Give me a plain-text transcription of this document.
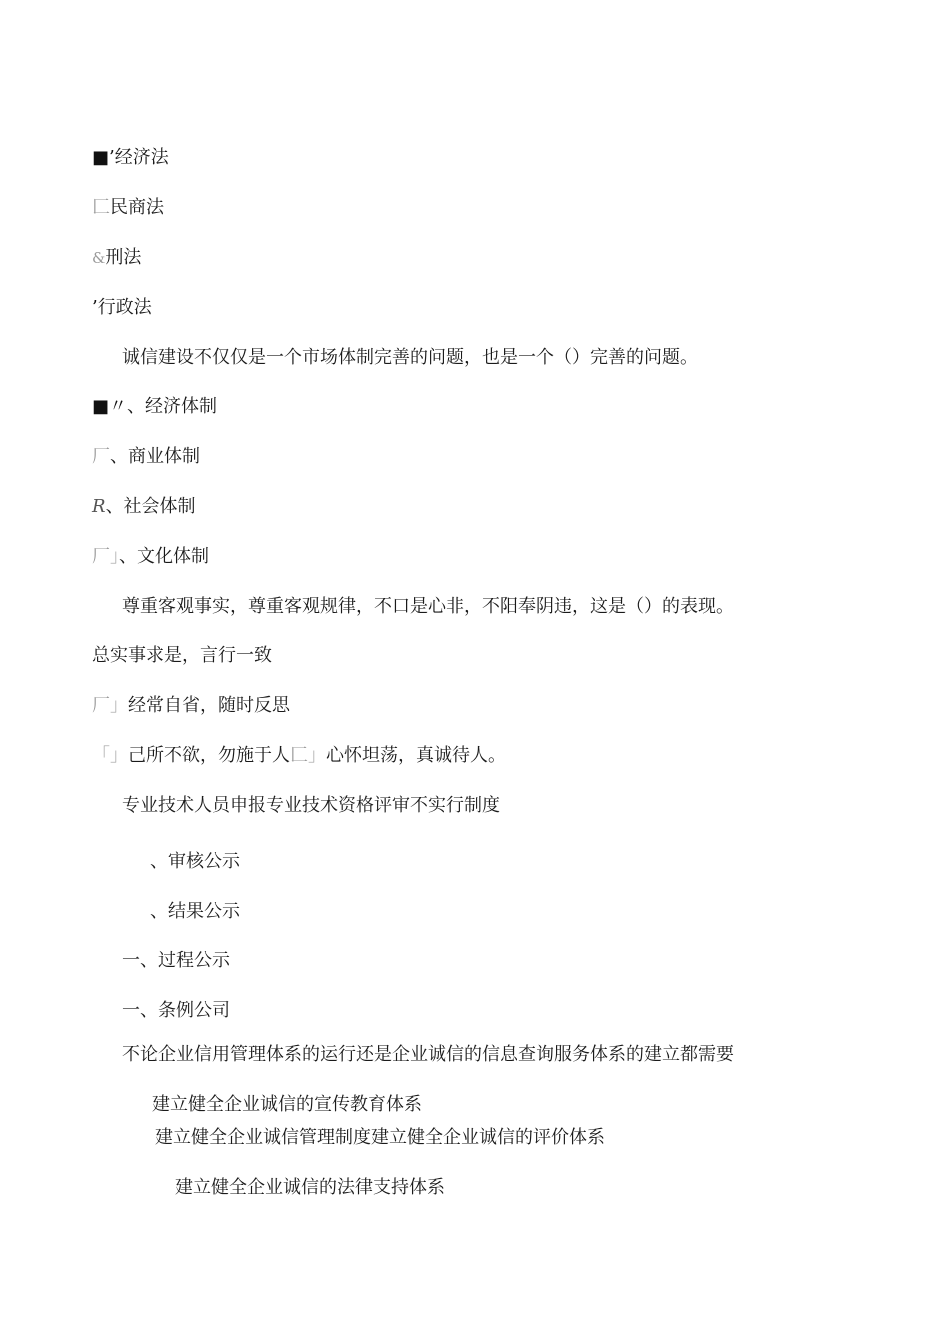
■’经济法
匚民商法
&刑法
’行政法
诚信建设不仅仅是一个市场体制完善的问题，也是一个（）完善的问题。
■〃、经济体制
厂、商业体制
R、社会体制
厂」、文化体制
尊重客观事实，尊重客观规律，不口是心非，不阳奉阴违，这是（）的表现。
总实事求是，言行一致
厂」经常自省，随时反思
「」己所不欲，勿施于人匚」心怀坦荡，真诚待人。
专业技术人员申报专业技术资格评审不实行制度
、审核公示
、结果公示
一、过程公示
一、条例公司
不论企业信用管理体系的运行还是企业诚信的信息查询服务体系的建立都需要
建立健全企业诚信的宣传教育体系
建立健全企业诚信管理制度建立健全企业诚信的评价体系
建立健全企业诚信的法律支持体系
